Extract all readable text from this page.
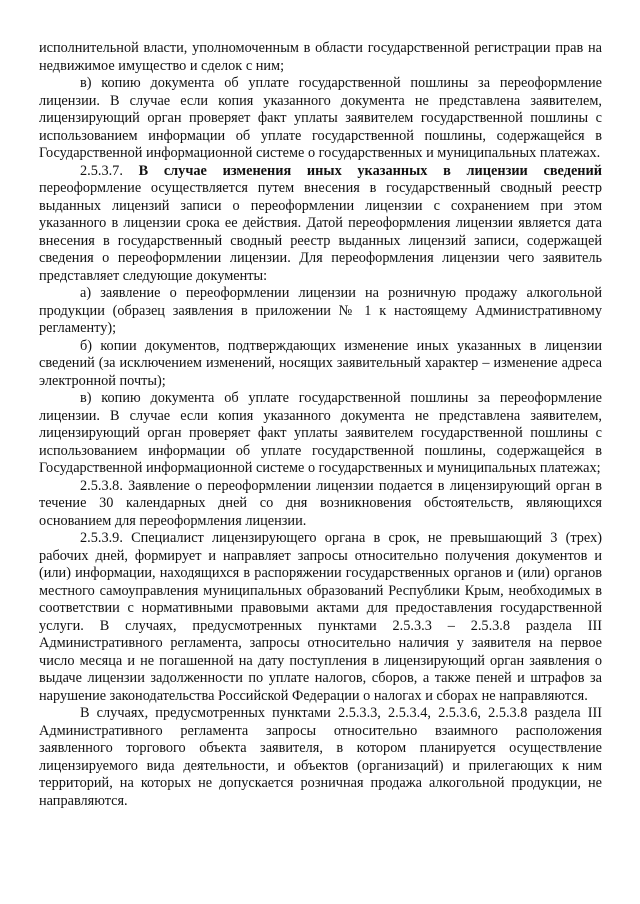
исполнительной власти, уполномоченным в области государственной регистрации прав на недвижимое имущество и сделок с ним;

в) копию документа об уплате государственной пошлины за переоформление лицензии. В случае если копия указанного документа не представлена заявителем, лицензирующий орган проверяет факт уплаты заявителем государственной пошлины с использованием информации об уплате государственной пошлины, содержащейся в Государственной информационной системе о государственных и муниципальных платежах.

2.5.3.7. В случае изменения иных указанных в лицензии сведений переоформление осуществляется путем внесения в государственный сводный реестр выданных лицензий записи о переоформлении лицензии с сохранением при этом указанного в лицензии срока ее действия. Датой переоформления лицензии является дата внесения в государственный сводный реестр выданных лицензий записи, содержащей сведения о переоформлении лицензии. Для переоформления лицензии чего заявитель представляет следующие документы:

а) заявление о переоформлении лицензии на розничную продажу алкогольной продукции (образец заявления в приложении № 1 к настоящему Административному регламенту);

б) копии документов, подтверждающих изменение иных указанных в лицензии сведений (за исключением изменений, носящих заявительный характер – изменение адреса электронной почты);

в) копию документа об уплате государственной пошлины за переоформление лицензии. В случае если копия указанного документа не представлена заявителем, лицензирующий орган проверяет факт уплаты заявителем государственной пошлины с использованием информации об уплате государственной пошлины, содержащейся в Государственной информационной системе о государственных и муниципальных платежах;

2.5.3.8. Заявление о переоформлении лицензии подается в лицензирующий орган в течение 30 календарных дней со дня возникновения обстоятельств, являющихся основанием для переоформления лицензии.

2.5.3.9. Специалист лицензирующего органа в срок, не превышающий 3 (трех) рабочих дней, формирует и направляет запросы относительно получения документов и (или) информации, находящихся в распоряжении государственных органов и (или) органов местного самоуправления муниципальных образований Республики Крым, необходимых в соответствии с нормативными правовыми актами для предоставления государственной услуги. В случаях, предусмотренных пунктами 2.5.3.3 – 2.5.3.8 раздела III Административного регламента, запросы относительно наличия у заявителя на первое число месяца и не погашенной на дату поступления в лицензирующий орган заявления о выдаче лицензии задолженности по уплате налогов, сборов, а также пеней и штрафов за нарушение законодательства Российской Федерации о налогах и сборах не направляются.

В случаях, предусмотренных пунктами 2.5.3.3, 2.5.3.4, 2.5.3.6, 2.5.3.8 раздела III Административного регламента запросы относительно взаимного расположения заявленного торгового объекта заявителя, в котором планируется осуществление лицензируемого вида деятельности, и объектов (организаций) и прилегающих к ним территорий, на которых не допускается розничная продажа алкогольной продукции, не направляются.
